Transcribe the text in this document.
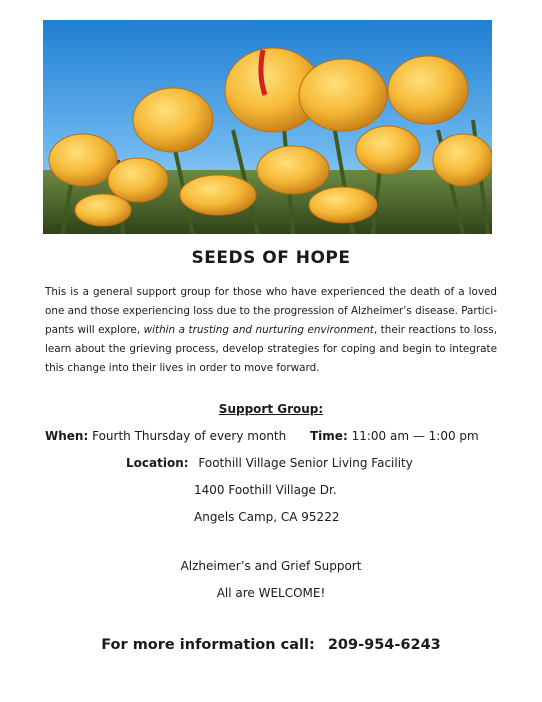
SEEDS OF HOPE
This is a general support group for those who have experienced the death of a loved one and those experiencing loss due to the progression of Alzheimer’s disease. Partici-pants will explore, within a trusting and nurturing environment, their reactions to loss, learn about the grieving process, develop strategies for coping and begin to integrate this change into their lives in order to move forward.
Support Group:
When: Fourth Thursday of every month Time: 11:00 am — 1:00 pm
Location: Foothill Village Senior Living Facility
1400 Foothill Village Dr.
Angels Camp, CA 95222
Alzheimer’s and Grief Support
All are WELCOME!
For more information call: 209-954-6243
